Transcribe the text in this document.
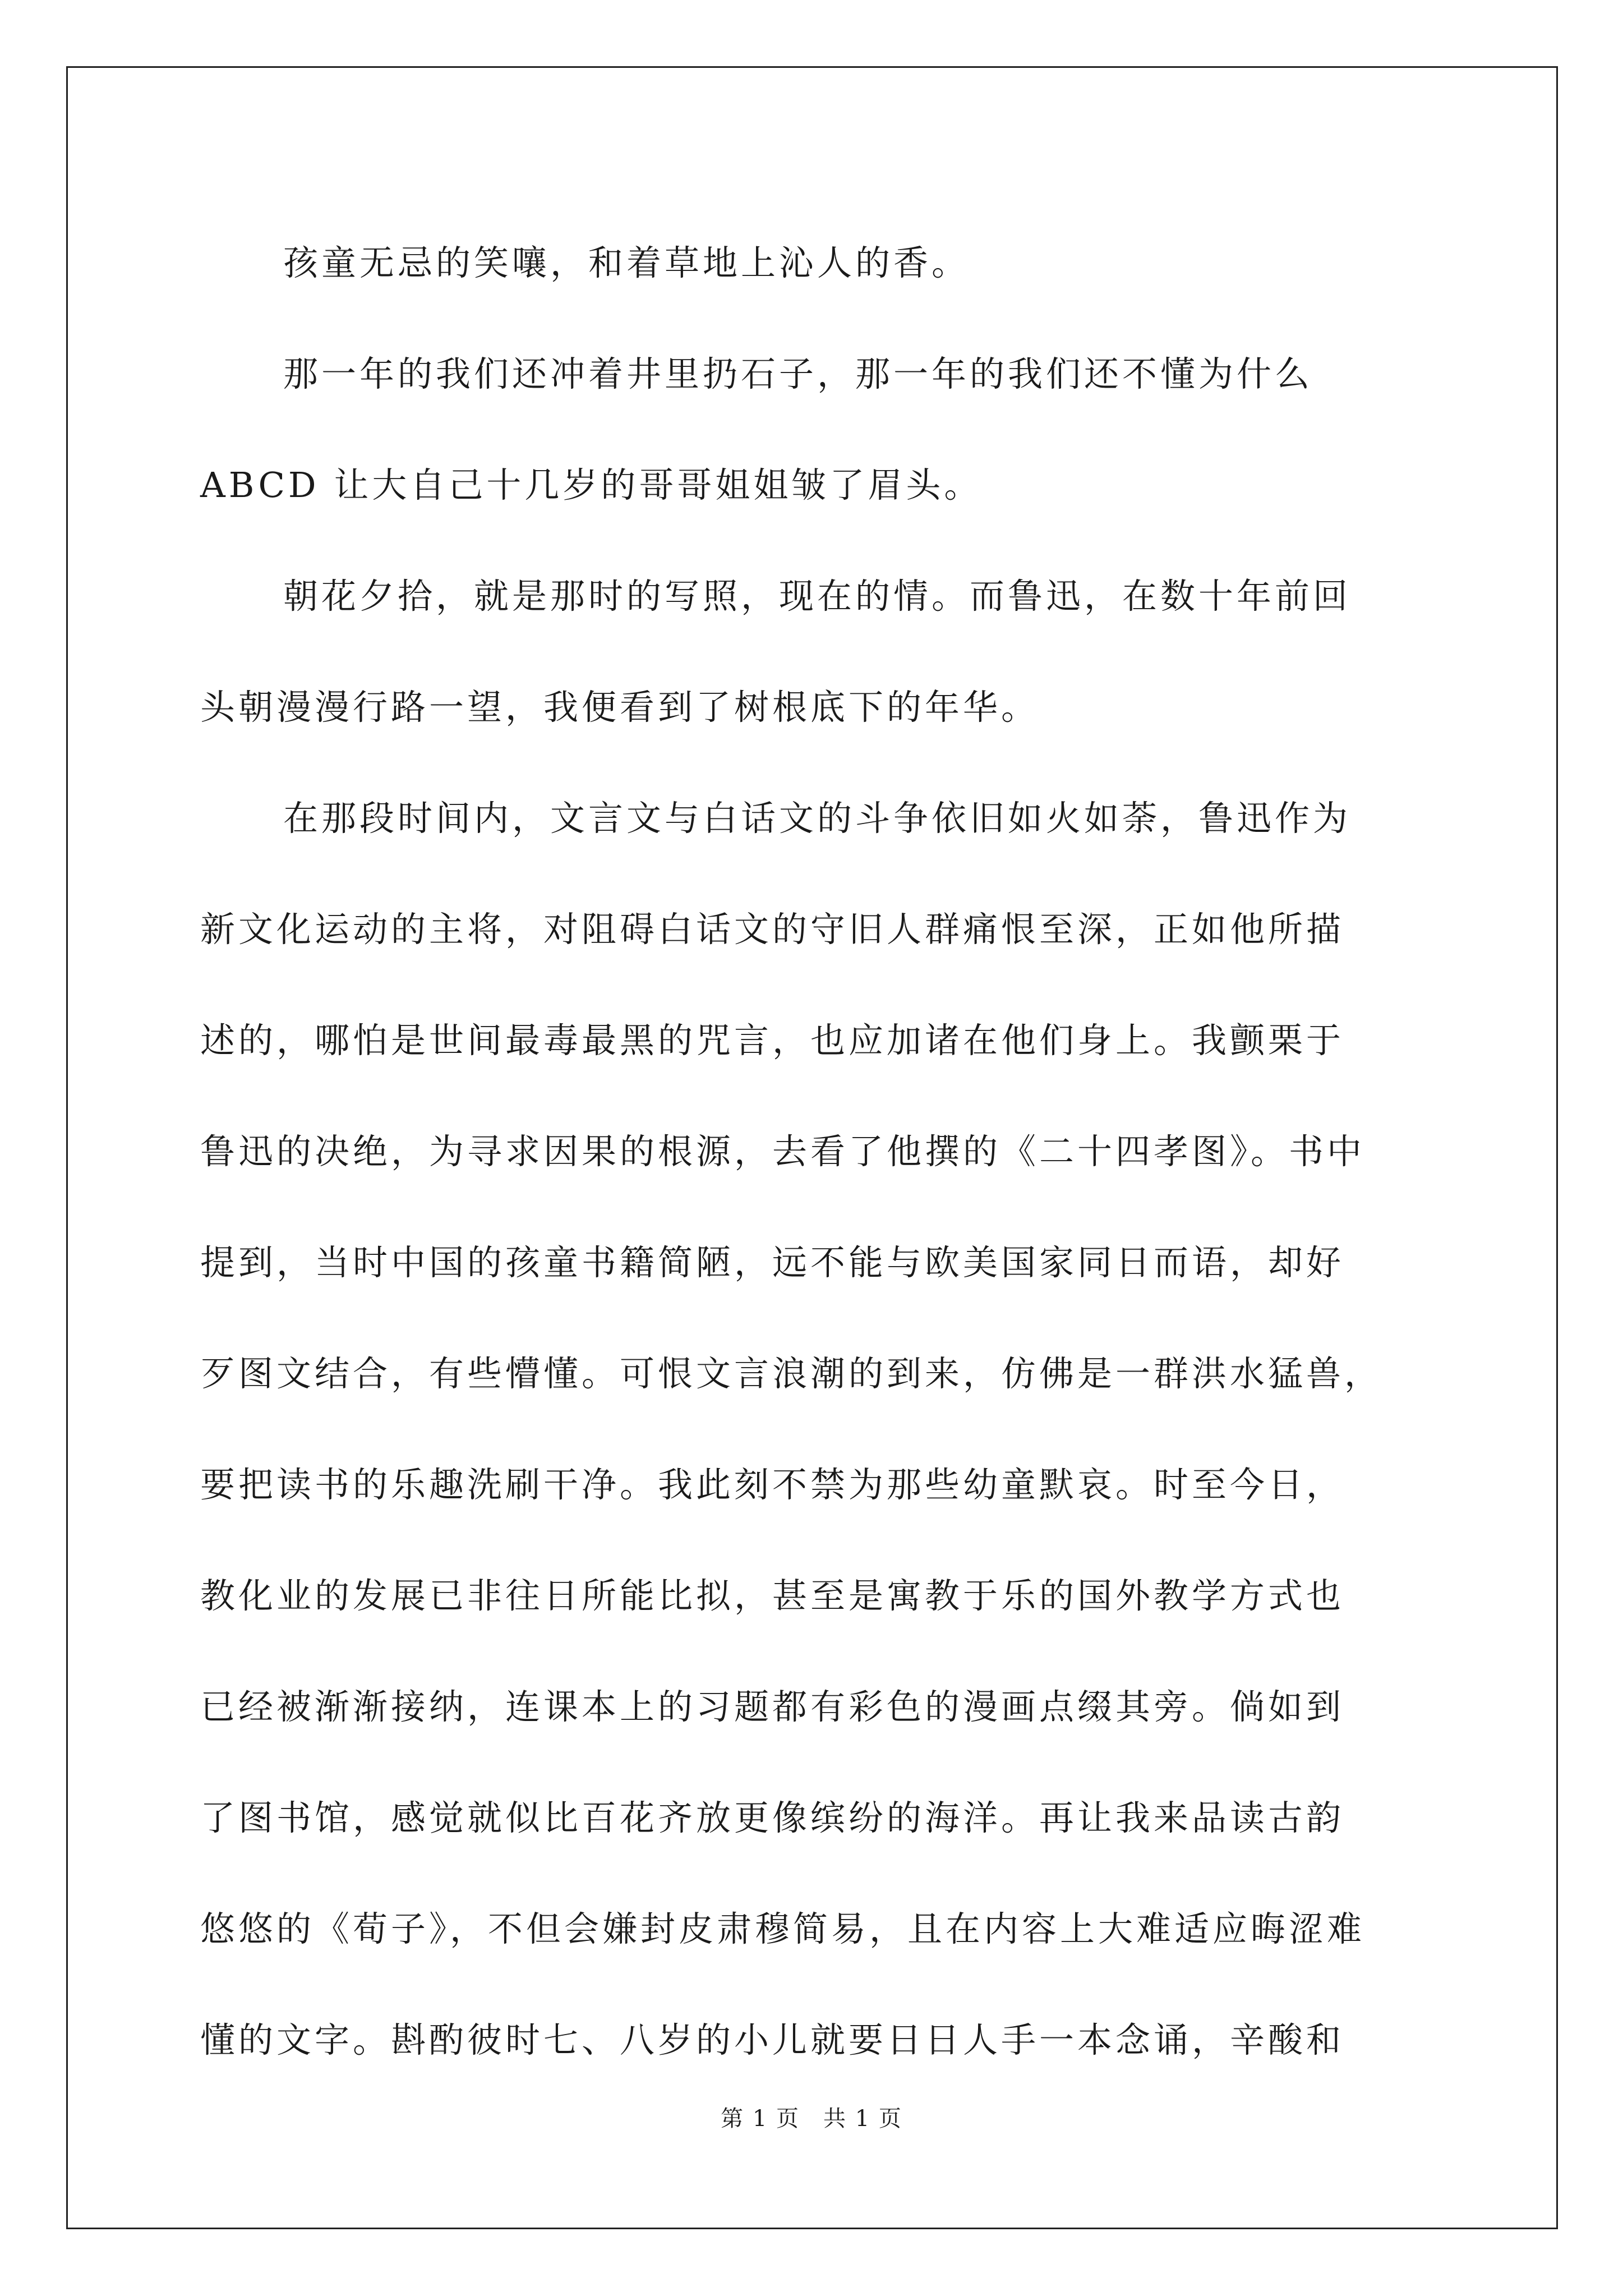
孩童无忌的笑嚷，和着草地上沁人的香。

那一年的我们还冲着井里扔石子，那一年的我们还不懂为什么
ABCD 让大自己十几岁的哥哥姐姐皱了眉头。

朝花夕拾，就是那时的写照，现在的情。而鲁迅，在数十年前回
头朝漫漫行路一望，我便看到了树根底下的年华。

在那段时间内，文言文与白话文的斗争依旧如火如荼，鲁迅作为
新文化运动的主将，对阻碍白话文的守旧人群痛恨至深，正如他所描
述的，哪怕是世间最毒最黑的咒言，也应加诸在他们身上。我颤栗于
鲁迅的决绝，为寻求因果的根源，去看了他撰的《二十四孝图》。书中
提到，当时中国的孩童书籍简陋，远不能与欧美国家同日而语，却好
歹图文结合，有些懵懂。可恨文言浪潮的到来，仿佛是一群洪水猛兽，
要把读书的乐趣洗刷干净。我此刻不禁为那些幼童默哀。时至今日，
教化业的发展已非往日所能比拟，甚至是寓教于乐的国外教学方式也
已经被渐渐接纳，连课本上的习题都有彩色的漫画点缀其旁。倘如到
了图书馆，感觉就似比百花齐放更像缤纷的海洋。再让我来品读古韵
悠悠的《荀子》，不但会嫌封皮肃穆简易，且在内容上大难适应晦涩难
懂的文字。斟酌彼时七、八岁的小儿就要日日人手一本念诵，辛酸和

第 1 页　共 1 页
